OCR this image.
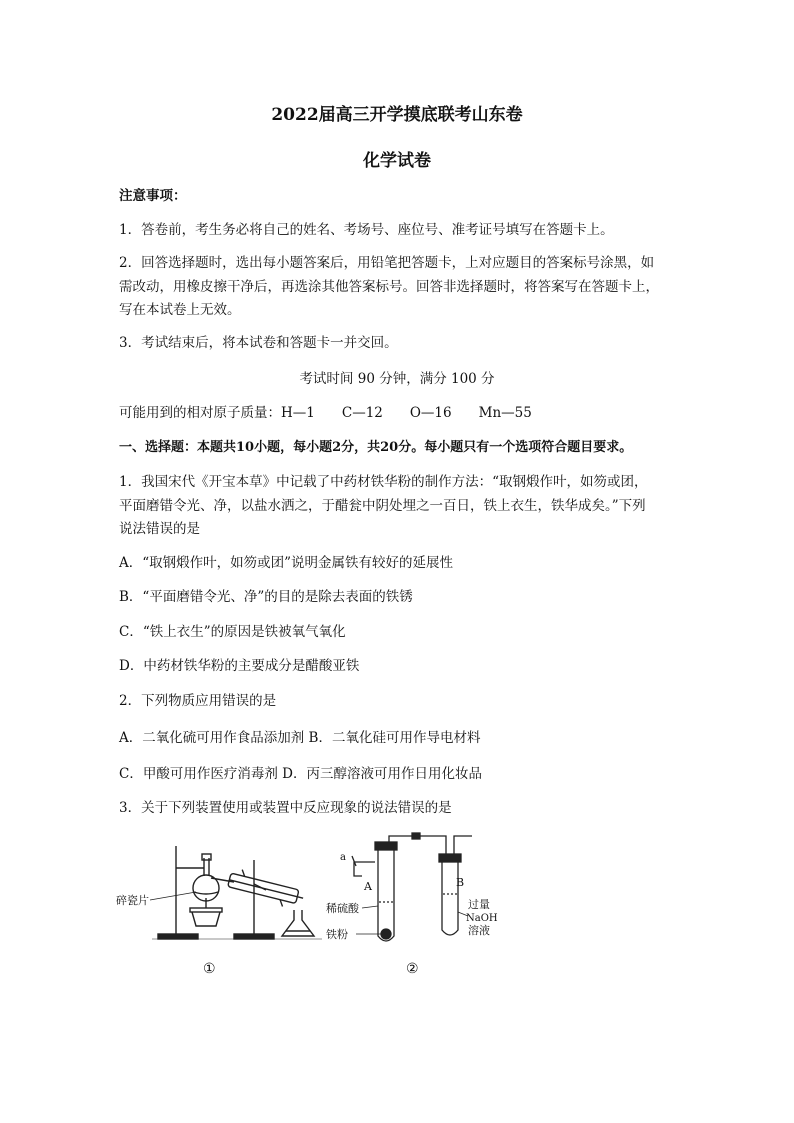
2022届高三开学摸底联考山东卷
化学试卷
注意事项：
1．答卷前，考生务必将自己的姓名、考场号、座位号、准考证号填写在答题卡上。
2．回答选择题时，选出每小题答案后，用铅笔把答题卡，上对应题目的答案标号涂黑，如
需改动，用橡皮擦干净后，再选涂其他答案标号。回答非选择题时，将答案写在答题卡上，
写在本试卷上无效。
3．考试结束后，将本试卷和答题卡一并交回。
考试时间 90 分钟，满分 100 分
可能用到的相对原子质量：H—1　　C—12　　O—16　　Mn—55
一、选择题：本题共10小题，每小题2分，共20分。每小题只有一个选项符合题目要求。
1．我国宋代《开宝本草》中记载了中药材铁华粉的制作方法：“取钢煅作叶，如笏或团，
平面磨错令光、净，以盐水洒之，于醋瓮中阴处埋之一百日，铁上衣生，铁华成矣。”下列
说法错误的是
A．“取钢煅作叶，如笏或团”说明金属铁有较好的延展性
B．“平面磨错令光、净”的目的是除去表面的铁锈
C．“铁上衣生”的原因是铁被氧气氧化
D．中药材铁华粉的主要成分是醋酸亚铁
2．下列物质应用错误的是
A．二氧化硫可用作食品添加剂 B．二氧化硅可用作导电材料
C．甲酸可用作医疗消毒剂 D．丙三醇溶液可用作日用化妆品
3．关于下列装置使用或装置中反应现象的说法错误的是
碎瓷片
①
a
A	B
稀硫酸
铁粉
过量
NaOH
溶液
②
